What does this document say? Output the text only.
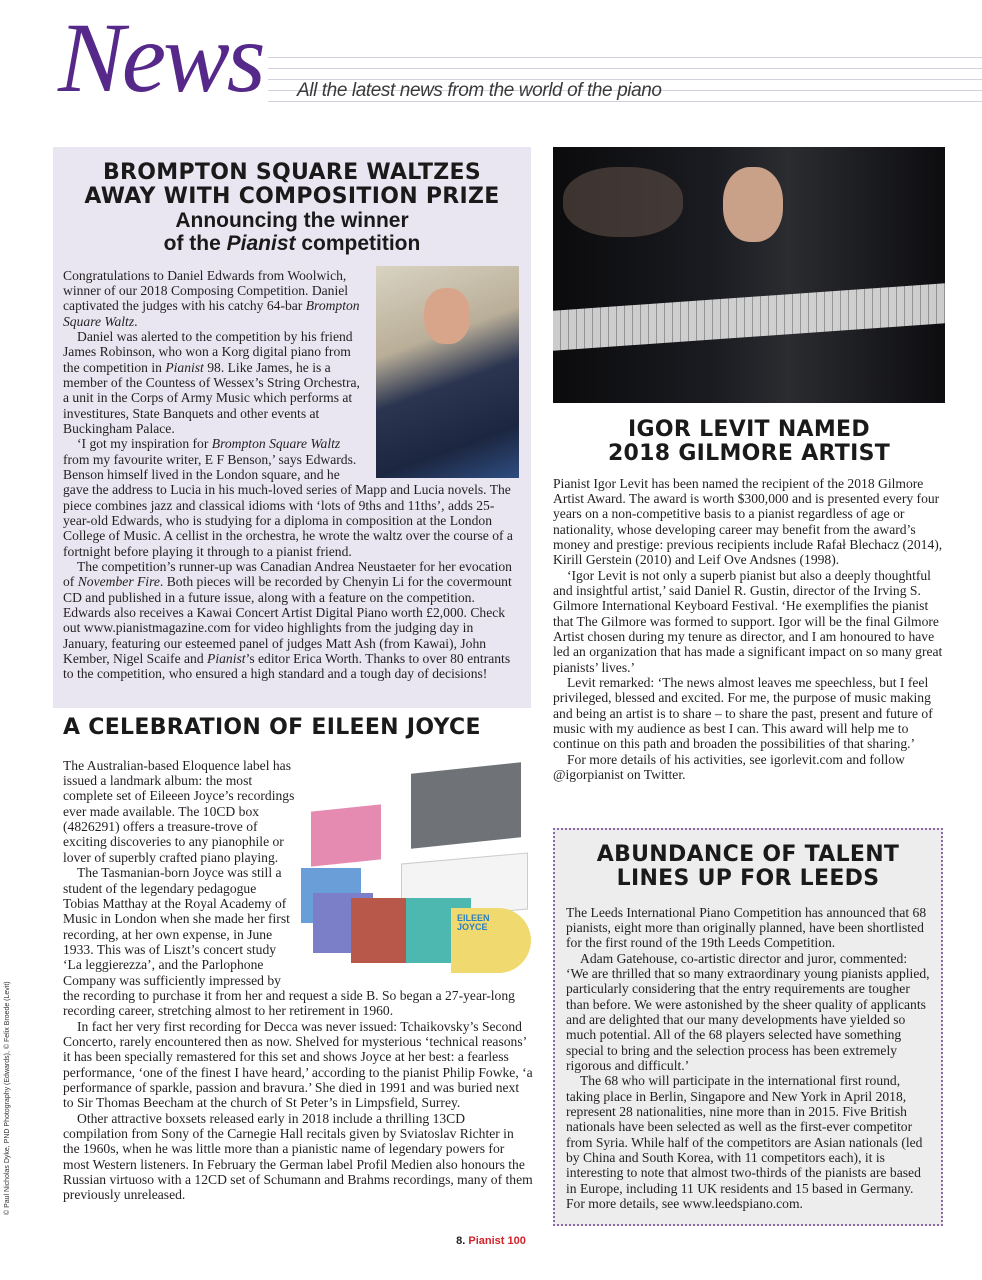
News All the latest news from the world of the piano
BROMPTON SQUARE WALTZES
AWAY WITH COMPOSITION PRIZE
Announcing the winner
of the Pianist competition

Congratulations to Daniel Edwards from Woolwich, winner of our 2018 Composing Competition. Daniel captivated the judges with his catchy 64-bar Brompton Square Waltz.

Daniel was alerted to the competition by his friend James Robinson, who won a Korg digital piano from the competition in Pianist 98. Like James, he is a member of the Countess of Wessex’s String Orchestra, a unit in the Corps of Army Music which performs at investitures, State Banquets and other events at Buckingham Palace.

‘I got my inspiration for Brompton Square Waltz from my favourite writer, E F Benson,’ says Edwards. Benson himself lived in the London square, and he gave the address to Lucia in his much-loved series of Mapp and Lucia novels. The piece combines jazz and classical idioms with ‘lots of 9ths and 11ths’, adds 25-year-old Edwards, who is studying for a diploma in composition at the London College of Music. A cellist in the orchestra, he wrote the waltz over the course of a fortnight before playing it through to a pianist friend.

The competition’s runner-up was Canadian Andrea Neustaeter for her evocation of November Fire. Both pieces will be recorded by Chenyin Li for the covermount CD and published in a future issue, along with a feature on the competition. Edwards also receives a Kawai Concert Artist Digital Piano worth £2,000. Check out www.pianistmagazine.com for video highlights from the judging day in January, featuring our esteemed panel of judges Matt Ash (from Kawai), John Kember, Nigel Scaife and Pianist’s editor Erica Worth. Thanks to over 80 entrants to the competition, who ensured a high standard and a tough day of decisions!

IGOR LEVIT NAMED
2018 GILMORE ARTIST

Pianist Igor Levit has been named the recipient of the 2018 Gilmore Artist Award. The award is worth $300,000 and is presented every four years on a non-competitive basis to a pianist regardless of age or nationality, whose developing career may benefit from the award’s money and prestige: previous recipients include Rafał Blechacz (2014), Kirill Gerstein (2010) and Leif Ove Andsnes (1998).

‘Igor Levit is not only a superb pianist but also a deeply thoughtful and insightful artist,’ said Daniel R. Gustin, director of the Irving S. Gilmore International Keyboard Festival. ‘He exemplifies the pianist that The Gilmore was formed to support. Igor will be the final Gilmore Artist chosen during my tenure as director, and I am honoured to have led an organization that has made a significant impact on so many great pianists’ lives.’

Levit remarked: ‘The news almost leaves me speechless, but I feel privileged, blessed and excited. For me, the purpose of music making and being an artist is to share – to share the past, present and future of music with my audience as best I can. This award will help me to continue on this path and broaden the possibilities of that sharing.’

For more details of his activities, see igorlevit.com and follow @igorpianist on Twitter.

A CELEBRATION OF EILEEN JOYCE
EILEEN JOYCE

The Australian-based Eloquence label has issued a landmark album: the most complete set of Eileeen Joyce’s recordings ever made available. The 10CD box (4826291) offers a treasure-trove of exciting discoveries to any pianophile or lover of superbly crafted piano playing.

The Tasmanian-born Joyce was still a student of the legendary pedagogue Tobias Matthay at the Royal Academy of Music in London when she made her first recording, at her own expense, in June 1933. This was of Liszt’s concert study ‘La leggierezza’, and the Parlophone Company was sufficiently impressed by the recording to purchase it from her and request a side B. So began a 27-year-long recording career, stretching almost to her retirement in 1960.

In fact her very first recording for Decca was never issued: Tchaikovsky’s Second Concerto, rarely encountered then as now. Shelved for mysterious ‘technical reasons’ it has been specially remastered for this set and shows Joyce at her best: a fearless performance, ‘one of the finest I have heard,’ according to the pianist Philip Fowke, ‘a performance of sparkle, passion and bravura.’ She died in 1991 and was buried next to Sir Thomas Beecham at the church of St Peter’s in Limpsfield, Surrey.

Other attractive boxsets released early in 2018 include a thrilling 13CD compilation from Sony of the Carnegie Hall recitals given by Sviatoslav Richter in the 1960s, when he was little more than a pianistic name of legendary powers for most Western listeners. In February the German label Profil Medien also honours the Russian virtuoso with a 12CD set of Schumann and Brahms recordings, many of them previously unreleased.

ABUNDANCE OF TALENT
LINES UP FOR LEEDS

The Leeds International Piano Competition has announced that 68 pianists, eight more than originally planned, have been shortlisted for the first round of the 19th Leeds Competition.

Adam Gatehouse, co-artistic director and juror, commented: ‘We are thrilled that so many extraordinary young pianists applied, particularly considering that the entry requirements are tougher than before. We were astonished by the sheer quality of applicants and are delighted that our many developments have yielded so much potential. All of the 68 players selected have something special to bring and the selection process has been extremely rigorous and difficult.’

The 68 who will participate in the international first round, taking place in Berlin, Singapore and New York in April 2018, represent 28 nationalities, nine more than in 2015. Five British nationals have been selected as well as the first-ever competitor from Syria. While half of the competitors are Asian nationals (led by China and South Korea, with 11 competitors each), it is interesting to note that almost two-thirds of the pianists are based in Europe, including 11 UK residents and 15 based in Germany. For more details, see www.leedspiano.com.

8. Pianist 100
© Paul Nicholas Dyke, PND Photography (Edwards), © Felix Broede (Levit)
